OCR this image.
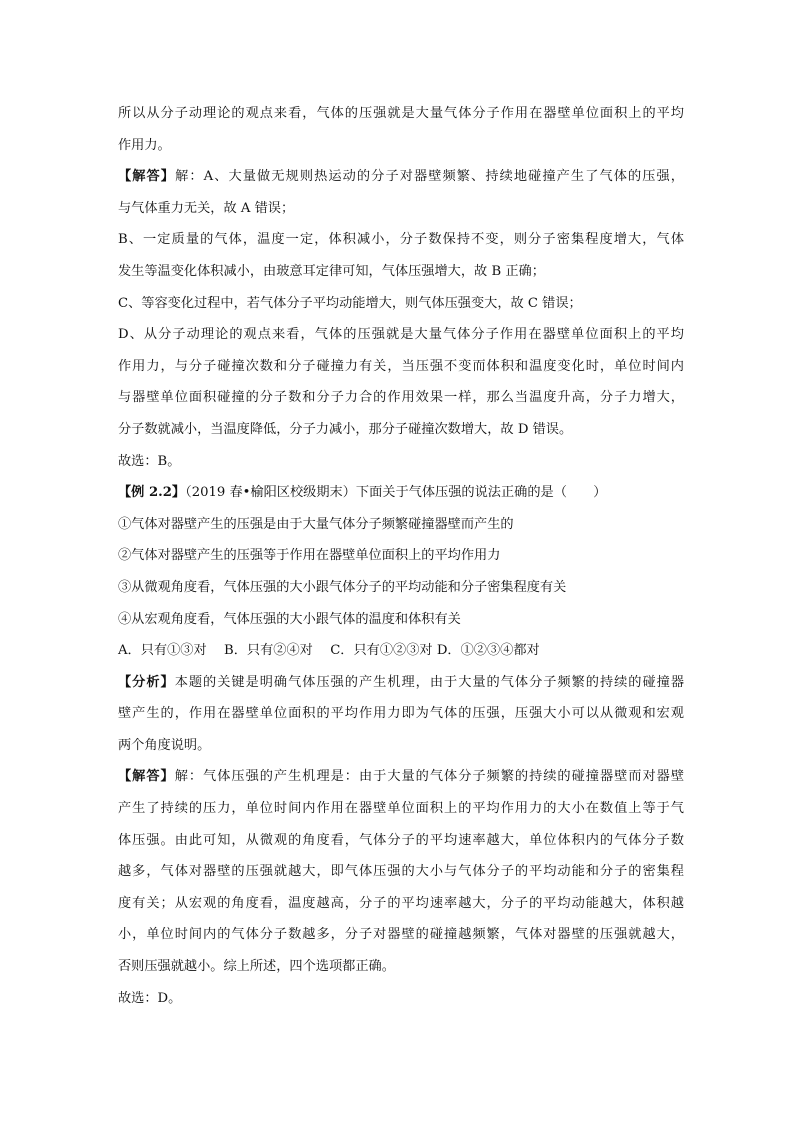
所以从分子动理论的观点来看，气体的压强就是大量气体分子作用在器壁单位面积上的平均
作用力。
【解答】解：A、大量做无规则热运动的分子对器壁频繁、持续地碰撞产生了气体的压强，
与气体重力无关，故 A 错误；
B、一定质量的气体，温度一定，体积减小，分子数保持不变，则分子密集程度增大，气体
发生等温变化体积减小，由玻意耳定律可知，气体压强增大，故 B 正确；
C、等容变化过程中，若气体分子平均动能增大，则气体压强变大，故 C 错误；
D、从分子动理论的观点来看，气体的压强就是大量气体分子作用在器壁单位面积上的平均
作用力，与分子碰撞次数和分子碰撞力有关，当压强不变而体积和温度变化时，单位时间内
与器壁单位面积碰撞的分子数和分子力合的作用效果一样，那么当温度升高，分子力增大，
分子数就减小，当温度降低，分子力减小，那分子碰撞次数增大，故 D 错误。
故选：B。
【例 2.2】（2019 春•榆阳区校级期末）下面关于气体压强的说法正确的是（　　）
①气体对器壁产生的压强是由于大量气体分子频繁碰撞器壁而产生的
②气体对器壁产生的压强等于作用在器壁单位面积上的平均作用力
③从微观角度看，气体压强的大小跟气体分子的平均动能和分子密集程度有关
④从宏观角度看，气体压强的大小跟气体的温度和体积有关
A．只有①③对　 B．只有②④对　 C．只有①②③对 D．①②③④都对
【分析】本题的关键是明确气体压强的产生机理，由于大量的气体分子频繁的持续的碰撞器
壁产生的，作用在器壁单位面积的平均作用力即为气体的压强，压强大小可以从微观和宏观
两个角度说明。
【解答】解：气体压强的产生机理是：由于大量的气体分子频繁的持续的碰撞器壁而对器壁
产生了持续的压力，单位时间内作用在器壁单位面积上的平均作用力的大小在数值上等于气
体压强。由此可知，从微观的角度看，气体分子的平均速率越大，单位体积内的气体分子数
越多，气体对器壁的压强就越大，即气体压强的大小与气体分子的平均动能和分子的密集程
度有关；从宏观的角度看，温度越高，分子的平均速率越大，分子的平均动能越大，体积越
小，单位时间内的气体分子数越多，分子对器壁的碰撞越频繁，气体对器壁的压强就越大，
否则压强就越小。综上所述，四个选项都正确。
故选：D。
